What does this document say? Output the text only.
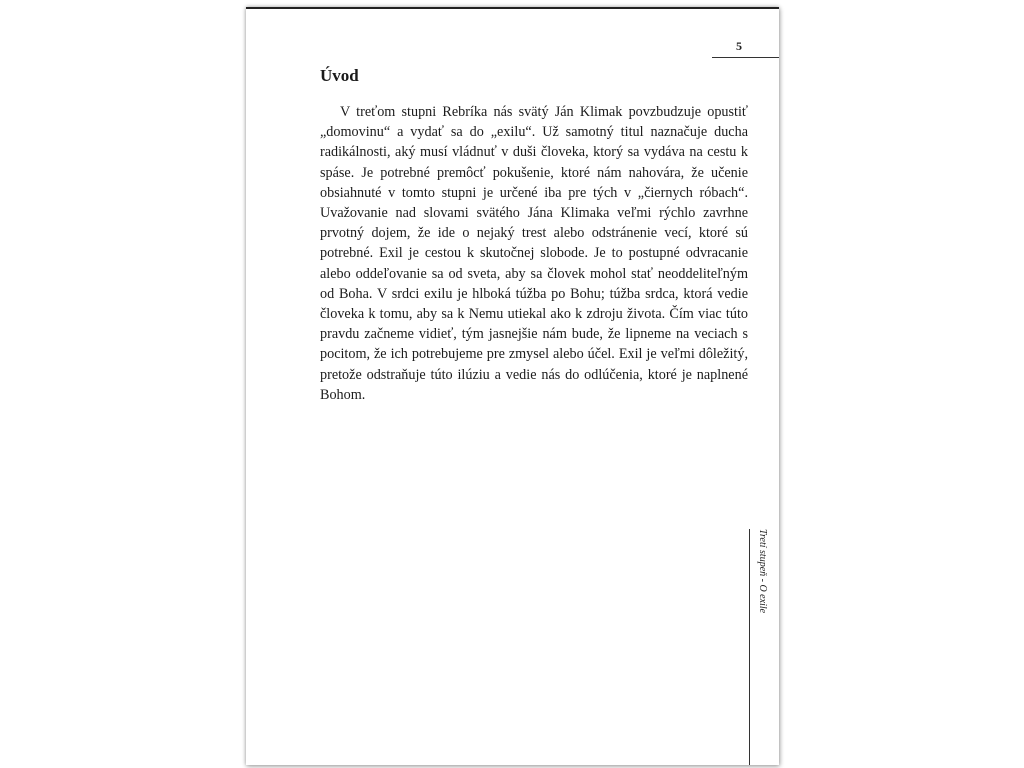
5
Úvod

V treťom stupni Rebríka nás svätý Ján Klimak povzbudzuje opustiť „domovinu“ a vydať sa do „exilu“. Už samotný titul naznačuje ducha radikálnosti, aký musí vládnuť v duši človeka, ktorý sa vydáva na cestu k spáse. Je potrebné premôcť pokušenie, ktoré nám nahovára, že učenie obsiahnuté v tomto stupni je určené iba pre tých v „čiernych róbach“. Uvažovanie nad slovami svätého Jána Klimaka veľmi rýchlo zavrhne prvotný dojem, že ide o nejaký trest alebo odstránenie vecí, ktoré sú potrebné. Exil je cestou k skutočnej slobode. Je to postupné odvracanie alebo oddeľovanie sa od sveta, aby sa človek mohol stať neoddeliteľným od Boha. V srdci exilu je hlboká túžba po Bohu; túžba srdca, ktorá vedie človeka k tomu, aby sa k Nemu utiekal ako k zdroju života. Čím viac túto pravdu začneme vidieť, tým jasnejšie nám bude, že lipneme na veciach s pocitom, že ich potrebujeme pre zmysel alebo účel. Exil je veľmi dôležitý, pretože odstraňuje túto ilúziu a vedie nás do odlúčenia, ktoré je naplnené Bohom.

Tretí stupeň - O exile
